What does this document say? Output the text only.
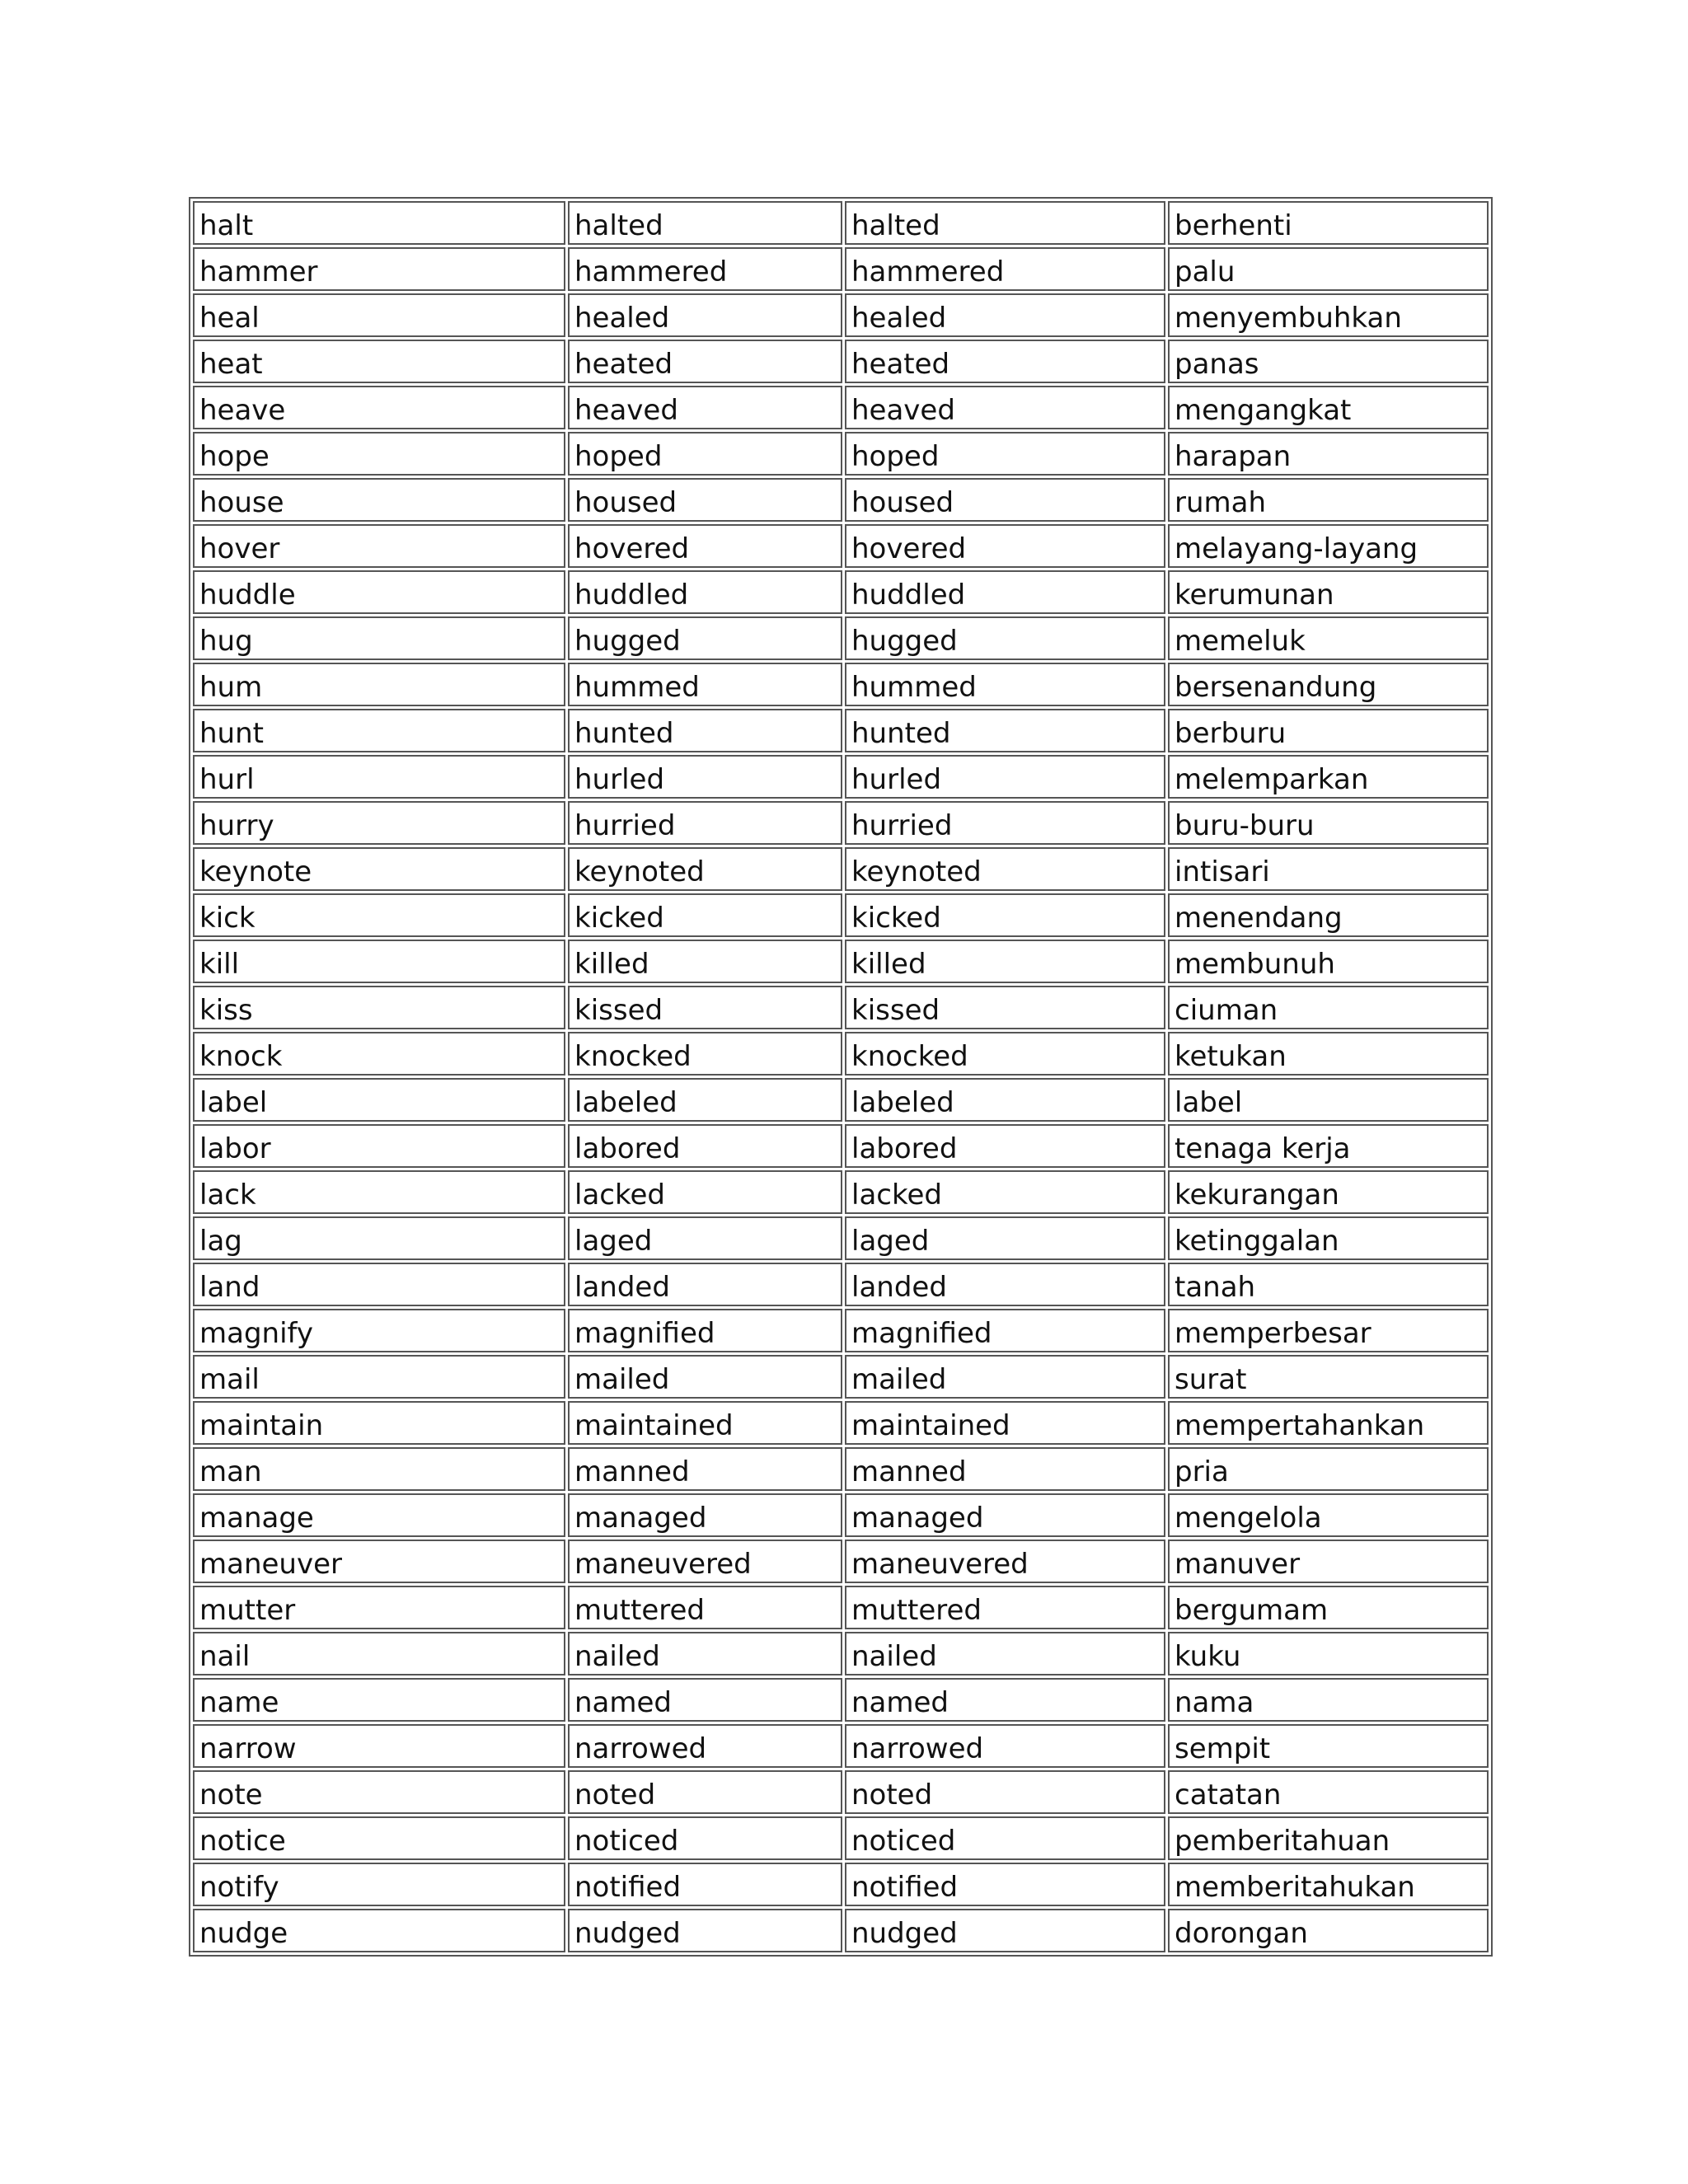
halt	halted	halted	berhenti
hammer	hammered	hammered	palu
heal	healed	healed	menyembuhkan
heat	heated	heated	panas
heave	heaved	heaved	mengangkat
hope	hoped	hoped	harapan
house	housed	housed	rumah
hover	hovered	hovered	melayang-layang
huddle	huddled	huddled	kerumunan
hug	hugged	hugged	memeluk
hum	hummed	hummed	bersenandung
hunt	hunted	hunted	berburu
hurl	hurled	hurled	melemparkan
hurry	hurried	hurried	buru-buru
keynote	keynoted	keynoted	intisari
kick	kicked	kicked	menendang
kill	killed	killed	membunuh
kiss	kissed	kissed	ciuman
knock	knocked	knocked	ketukan
label	labeled	labeled	label
labor	labored	labored	tenaga kerja
lack	lacked	lacked	kekurangan
lag	laged	laged	ketinggalan
land	landed	landed	tanah
magnify	magnified	magnified	memperbesar
mail	mailed	mailed	surat
maintain	maintained	maintained	mempertahankan
man	manned	manned	pria
manage	managed	managed	mengelola
maneuver	maneuvered	maneuvered	manuver
mutter	muttered	muttered	bergumam
nail	nailed	nailed	kuku
name	named	named	nama
narrow	narrowed	narrowed	sempit
note	noted	noted	catatan
notice	noticed	noticed	pemberitahuan
notify	notified	notified	memberitahukan
nudge	nudged	nudged	dorongan
